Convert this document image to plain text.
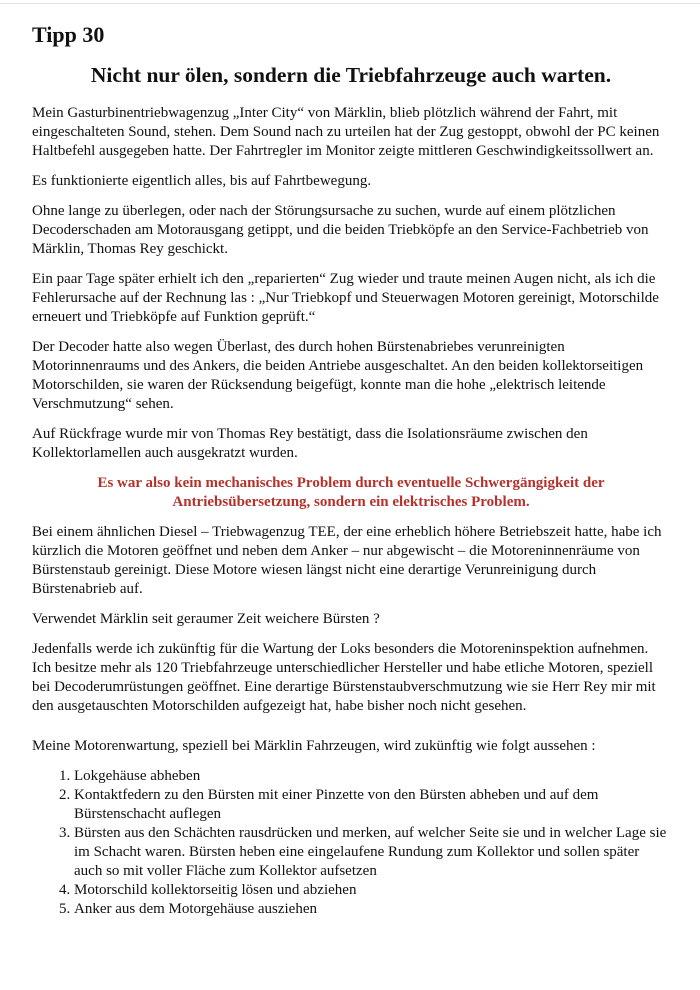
Tipp 30
Nicht nur ölen, sondern die Triebfahrzeuge auch warten.

Mein Gasturbinentriebwagenzug „Inter City“ von Märklin, blieb plötzlich während der Fahrt, mit eingeschalteten Sound, stehen. Dem Sound nach zu urteilen hat der Zug gestoppt, obwohl der PC keinen Haltbefehl ausgegeben hatte. Der Fahrtregler im Monitor zeigte mittleren Geschwindigkeitssollwert an.

Es funktionierte eigentlich alles, bis auf Fahrtbewegung.

Ohne lange zu überlegen, oder nach der Störungsursache zu suchen, wurde auf einem plötzlichen Decoderschaden am Motorausgang getippt, und die beiden Triebköpfe an den Service-Fachbetrieb von Märklin, Thomas Rey geschickt.

Ein paar Tage später erhielt ich den „reparierten“ Zug wieder und traute meinen Augen nicht, als ich die Fehlerursache auf der Rechnung las : „Nur Triebkopf und Steuerwagen Motoren gereinigt, Motorschilde erneuert und Triebköpfe auf Funktion geprüft.“

Der Decoder hatte also wegen Überlast, des durch hohen Bürstenabriebes verunreinigten Motorinnenraums und des Ankers, die beiden Antriebe ausgeschaltet. An den beiden kollektorseitigen Motorschilden, sie waren der Rücksendung beigefügt, konnte man die hohe „elektrisch leitende Verschmutzung“ sehen.

Auf Rückfrage wurde mir von Thomas Rey bestätigt, dass die Isolationsräume zwischen den Kollektorlamellen auch ausgekratzt wurden.

Es war also kein mechanisches Problem durch eventuelle Schwergängigkeit der Antriebsübersetzung, sondern ein elektrisches Problem.

Bei einem ähnlichen Diesel – Triebwagenzug TEE, der eine erheblich höhere Betriebszeit hatte, habe ich kürzlich die Motoren geöffnet und neben dem Anker – nur abgewischt – die Motoreninnenräume von Bürstenstaub gereinigt. Diese Motore wiesen längst nicht eine derartige Verunreinigung durch Bürstenabrieb auf.

Verwendet Märklin seit geraumer Zeit weichere Bürsten ?

Jedenfalls werde ich zukünftig für die Wartung der Loks besonders die Motoreninspektion aufnehmen. Ich besitze mehr als 120 Triebfahrzeuge unterschiedlicher Hersteller und habe etliche Motoren, speziell bei Decoderumrüstungen geöffnet. Eine derartige Bürstenstaubverschmutzung wie sie Herr Rey mir mit den ausgetauschten Motorschilden aufgezeigt hat, habe bisher noch nicht gesehen.

Meine Motorenwartung, speziell bei Märklin Fahrzeugen, wird zukünftig wie folgt aussehen :

1. Lokgehäuse abheben
2. Kontaktfedern zu den Bürsten mit einer Pinzette von den Bürsten abheben und auf dem Bürstenschacht auflegen
3. Bürsten aus den Schächten rausdrücken und merken, auf welcher Seite sie und in welcher Lage sie im Schacht waren. Bürsten heben eine eingelaufene Rundung zum Kollektor und sollen später auch so mit voller Fläche zum Kollektor aufsetzen
4. Motorschild kollektorseitig lösen und abziehen
5. Anker aus dem Motorgehäuse ausziehen
